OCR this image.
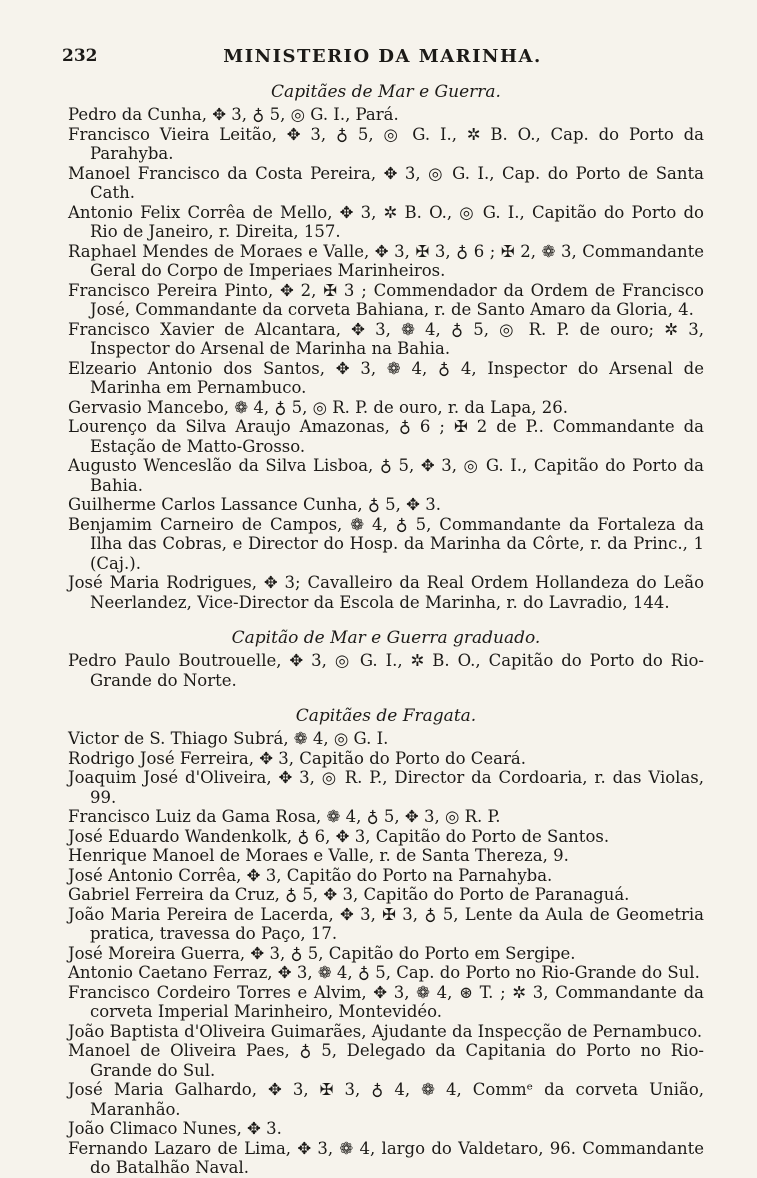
232	MINISTERIO DA MARINHA.
Capitães de Mar e Guerra.

Pedro da Cunha, ✥ 3, ♁ 5, ◎ G. I., Pará.

Francisco Vieira Leitão, ✥ 3, ♁ 5, ◎ G. I., ✲ B. O., Cap. do Porto da Parahyba.

Manoel Francisco da Costa Pereira, ✥ 3, ◎ G. I., Cap. do Porto de Santa Cath.

Antonio Felix Corrêa de Mello, ✥ 3, ✲ B. O., ◎ G. I., Capitão do Porto do Rio de Janeiro, r. Direita, 157.

Raphael Mendes de Moraes e Valle, ✥ 3, ✠ 3, ♁ 6 ; ✠ 2, ❁ 3, Commandante Geral do Corpo de Imperiaes Marinheiros.

Francisco Pereira Pinto, ✥ 2, ✠ 3 ; Commendador da Ordem de Francisco José, Commandante da corveta Bahiana, r. de Santo Amaro da Gloria, 4.

Francisco Xavier de Alcantara, ✥ 3, ❁ 4, ♁ 5, ◎ R. P. de ouro; ✲ 3, Inspector do Arsenal de Marinha na Bahia.

Elzeario Antonio dos Santos, ✥ 3, ❁ 4, ♁ 4, Inspector do Arsenal de Marinha em Pernambuco.

Gervasio Mancebo, ❁ 4, ♁ 5, ◎ R. P. de ouro, r. da Lapa, 26.

Lourenço da Silva Araujo Amazonas, ♁ 6 ; ✠ 2 de P.. Commandante da Estação de Matto-Grosso.

Augusto Wenceslão da Silva Lisboa, ♁ 5, ✥ 3, ◎ G. I., Capitão do Porto da Bahia.

Guilherme Carlos Lassance Cunha, ♁ 5, ✥ 3.

Benjamim Carneiro de Campos, ❁ 4, ♁ 5, Commandante da Fortaleza da Ilha das Cobras, e Director do Hosp. da Marinha da Côrte, r. da Princ., 1 (Caj.).

José Maria Rodrigues, ✥ 3; Cavalleiro da Real Ordem Hollandeza do Leão Neerlandez, Vice-Director da Escola de Marinha, r. do Lavradio, 144.

Capitão de Mar e Guerra graduado.

Pedro Paulo Boutrouelle, ✥ 3, ◎ G. I., ✲ B. O., Capitão do Porto do Rio-Grande do Norte.

Capitães de Fragata.

Victor de S. Thiago Subrá, ❁ 4, ◎ G. I.

Rodrigo José Ferreira, ✥ 3, Capitão do Porto do Ceará.

Joaquim José d'Oliveira, ✥ 3, ◎ R. P., Director da Cordoaria, r. das Violas, 99.

Francisco Luiz da Gama Rosa, ❁ 4, ♁ 5, ✥ 3, ◎ R. P.

José Eduardo Wandenkolk, ♁ 6, ✥ 3, Capitão do Porto de Santos.

Henrique Manoel de Moraes e Valle, r. de Santa Thereza, 9.

José Antonio Corrêa, ✥ 3, Capitão do Porto na Parnahyba.

Gabriel Ferreira da Cruz, ♁ 5, ✥ 3, Capitão do Porto de Paranaguá.

João Maria Pereira de Lacerda, ✥ 3, ✠ 3, ♁ 5, Lente da Aula de Geometria pratica, travessa do Paço, 17.

José Moreira Guerra, ✥ 3, ♁ 5, Capitão do Porto em Sergipe.

Antonio Caetano Ferraz, ✥ 3, ❁ 4, ♁ 5, Cap. do Porto no Rio-Grande do Sul.

Francisco Cordeiro Torres e Alvim, ✥ 3, ❁ 4, ⊛ T. ; ✲ 3, Commandante da corveta Imperial Marinheiro, Montevidéo.

João Baptista d'Oliveira Guimarães, Ajudante da Inspecção de Pernambuco.

Manoel de Oliveira Paes, ♁ 5, Delegado da Capitania do Porto no Rio-Grande do Sul.

José Maria Galhardo, ✥ 3, ✠ 3, ♁ 4, ❁ 4, Commᵉ da corveta União, Maranhão.

João Climaco Nunes, ✥ 3.

Fernando Lazaro de Lima, ✥ 3, ❁ 4, largo do Valdetaro, 96. Commandante do Batalhão Naval.
